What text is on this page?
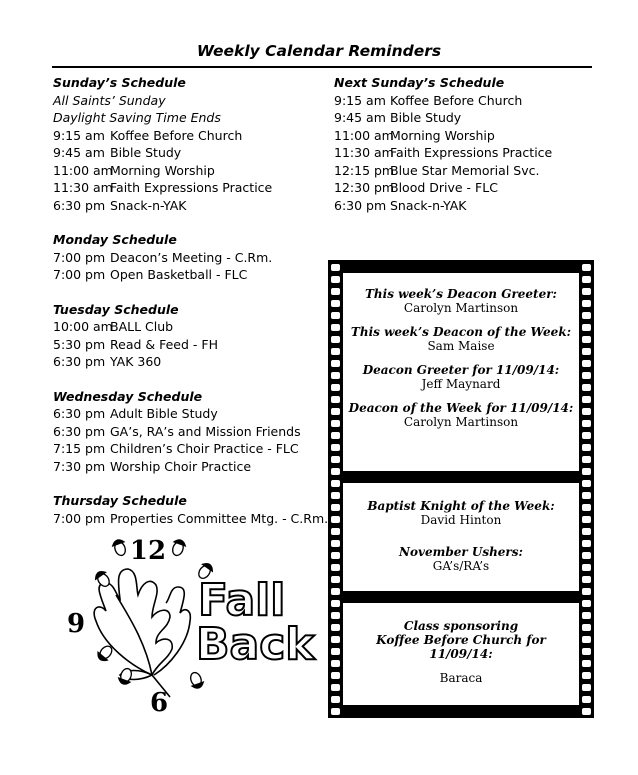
Weekly Calendar Reminders
Sunday’s Schedule
All Saints’ Sunday
Daylight Saving Time Ends
9:15 am Koffee Before Church
9:45 am Bible Study
11:00 amMorning Worship
11:30 amFaith Expressions Practice
6:30 pm Snack-n-YAK
Monday Schedule
7:00 pm Deacon’s Meeting - C.Rm.
7:00 pm Open Basketball - FLC
Tuesday Schedule
10:00 amBALL Club
5:30 pm Read & Feed - FH
6:30 pm YAK 360
Wednesday Schedule
6:30 pm Adult Bible Study
6:30 pm GA’s, RA’s and Mission Friends
7:15 pm Children’s Choir Practice - FLC
7:30 pm Worship Choir Practice
Thursday Schedule
7:00 pm Properties Committee Mtg. - C.Rm.
Next Sunday’s Schedule
9:15 am Koffee Before Church
9:45 am Bible Study
11:00 amMorning Worship
11:30 amFaith Expressions Practice
12:15 pmBlue Star Memorial Svc.
12:30 pmBlood Drive - FLC
6:30 pm Snack-n-YAK
This week’s Deacon Greeter:
Carolyn Martinson
This week’s Deacon of the Week:
Sam Maise
Deacon Greeter for 11/09/14:
Jeff Maynard
Deacon of the Week for 11/09/14:
Carolyn Martinson
Baptist Knight of the Week:
David Hinton
November Ushers:
GA’s/RA’s
Class sponsoring
Koffee Before Church for
11/09/14:
Baraca
12
9
6
Fall
Back
